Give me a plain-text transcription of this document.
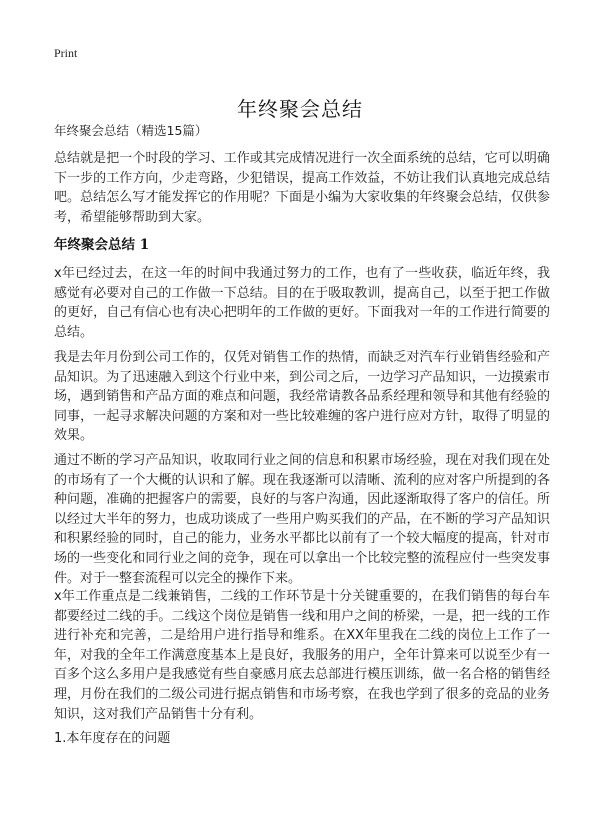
Print
年终聚会总结
年终聚会总结（精选15篇）

总结就是把一个时段的学习、工作或其完成情况进行一次全面系统的总结，它可以明确下一步的工作方向，少走弯路，少犯错误，提高工作效益，不妨让我们认真地完成总结吧。总结怎么写才能发挥它的作用呢？下面是小编为大家收集的年终聚会总结，仅供参考，希望能够帮助到大家。

年终聚会总结 1

x年已经过去，在这一年的时间中我通过努力的工作，也有了一些收获，临近年终，我感觉有必要对自己的工作做一下总结。目的在于吸取教训，提高自己，以至于把工作做的更好，自己有信心也有决心把明年的工作做的更好。下面我对一年的工作进行简要的总结。

我是去年月份到公司工作的，仅凭对销售工作的热情，而缺乏对汽车行业销售经验和产品知识。为了迅速融入到这个行业中来，到公司之后，一边学习产品知识，一边摸索市场，遇到销售和产品方面的难点和问题，我经常请教各品系经理和领导和其他有经验的同事，一起寻求解决问题的方案和对一些比较难缠的客户进行应对方针，取得了明显的效果。

通过不断的学习产品知识，收取同行业之间的信息和积累市场经验，现在对我们现在处的市场有了一个大概的认识和了解。现在我逐渐可以清晰、流利的应对客户所提到的各种问题，准确的把握客户的需要，良好的与客户沟通，因此逐渐取得了客户的信任。所以经过大半年的努力，也成功谈成了一些用户购买我们的产品，在不断的学习产品知识和积累经验的同时，自己的能力，业务水平都比以前有了一个较大幅度的提高，针对市场的一些变化和同行业之间的竞争，现在可以拿出一个比较完整的流程应付一些突发事件。对于一整套流程可以完全的操作下来。

x年工作重点是二线兼销售，二线的工作环节是十分关键重要的，在我们销售的每台车都要经过二线的手。二线这个岗位是销售一线和用户之间的桥梁，一是，把一线的工作进行补充和完善，二是给用户进行指导和维系。在XX年里我在二线的岗位上工作了一年，对我的全年工作满意度基本上是良好，我服务的用户，全年计算来可以说至少有一百多个这么多用户是我感觉有些自豪感月底去总部进行模压训练，做一名合格的销售经理，月份在我们的二级公司进行据点销售和市场考察，在我也学到了很多的竞品的业务知识，这对我们产品销售十分有利。

1.本年度存在的问题
